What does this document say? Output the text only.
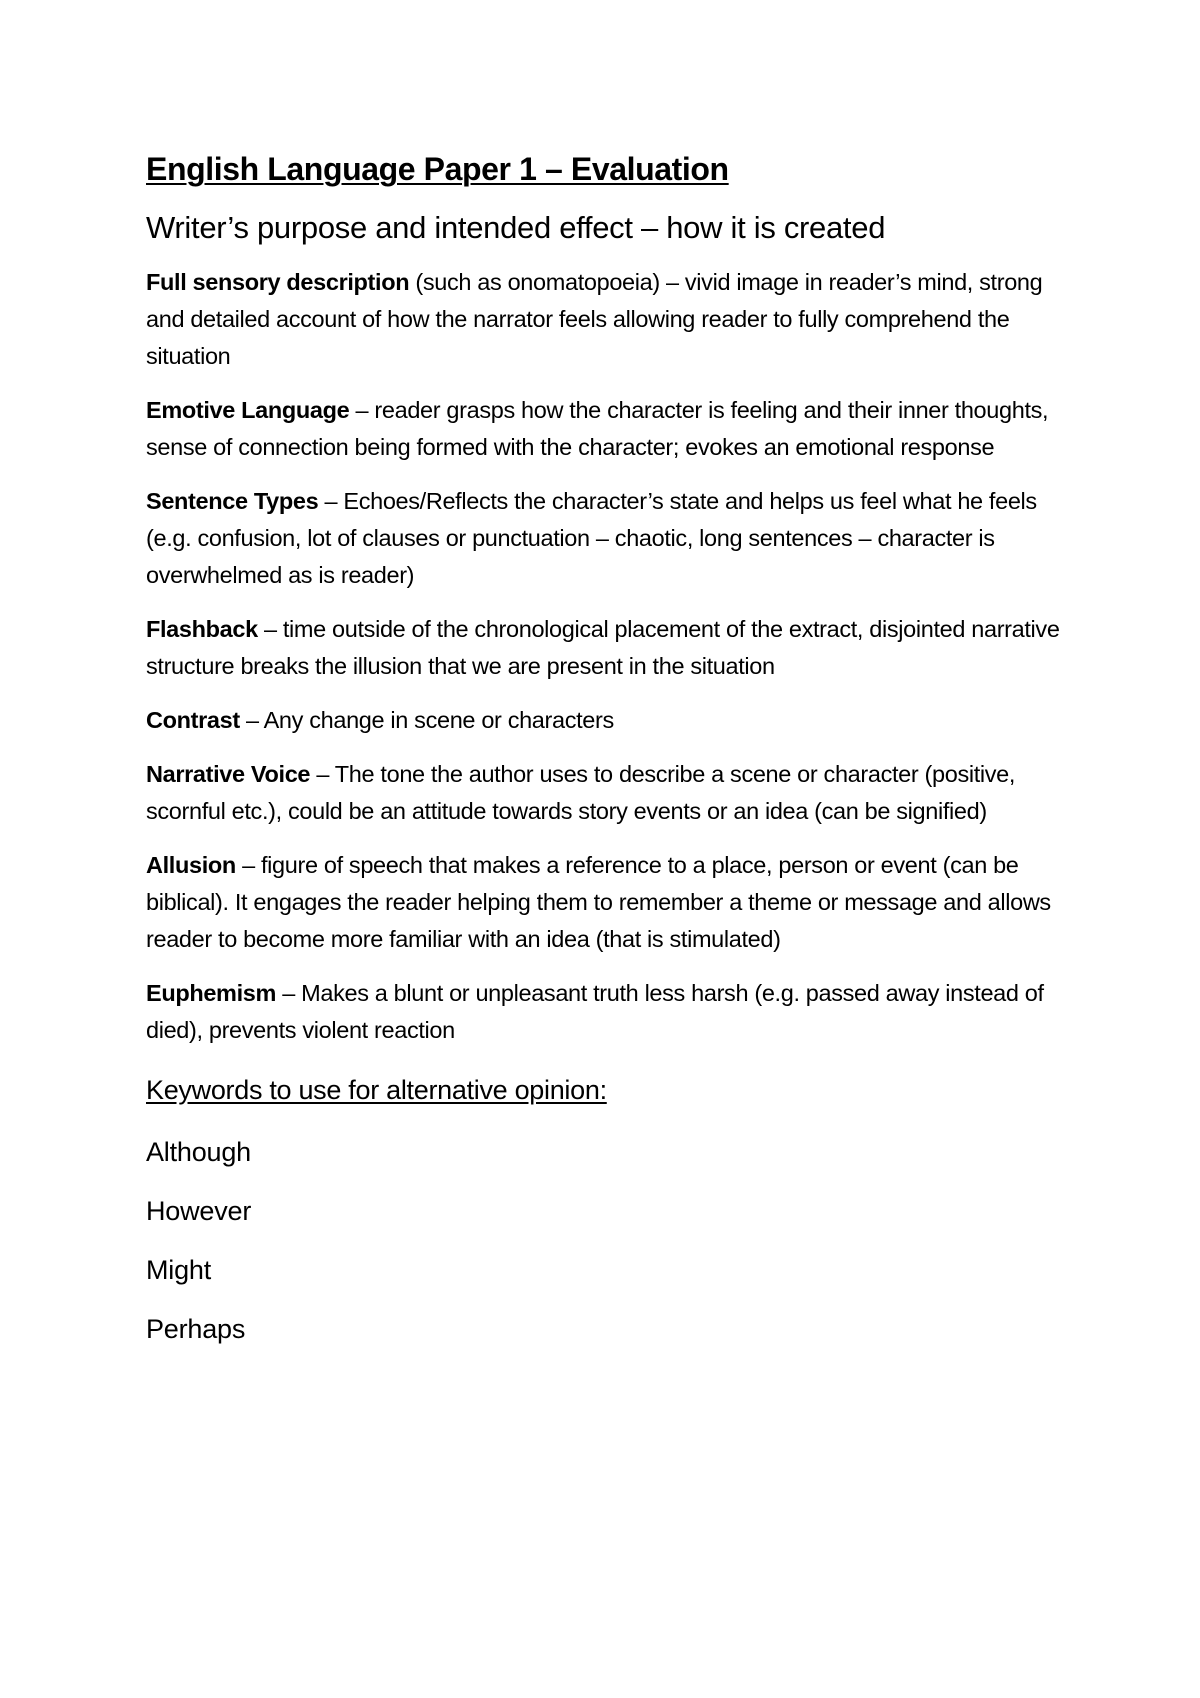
English Language Paper 1 – Evaluation
Writer’s purpose and intended effect – how it is created

Full sensory description (such as onomatopoeia) – vivid image in reader’s mind, strong and detailed account of how the narrator feels allowing reader to fully comprehend the situation

Emotive Language – reader grasps how the character is feeling and their inner thoughts, sense of connection being formed with the character; evokes an emotional response

Sentence Types – Echoes/Reflects the character’s state and helps us feel what he feels (e.g. confusion, lot of clauses or punctuation – chaotic, long sentences – character is overwhelmed as is reader)

Flashback – time outside of the chronological placement of the extract, disjointed narrative structure breaks the illusion that we are present in the situation

Contrast – Any change in scene or characters

Narrative Voice – The tone the author uses to describe a scene or character (positive, scornful etc.), could be an attitude towards story events or an idea (can be signified)

Allusion – figure of speech that makes a reference to a place, person or event (can be biblical). It engages the reader helping them to remember a theme or message and allows reader to become more familiar with an idea (that is stimulated)

Euphemism – Makes a blunt or unpleasant truth less harsh (e.g. passed away instead of died), prevents violent reaction

Keywords to use for alternative opinion:
Although
However
Might
Perhaps
